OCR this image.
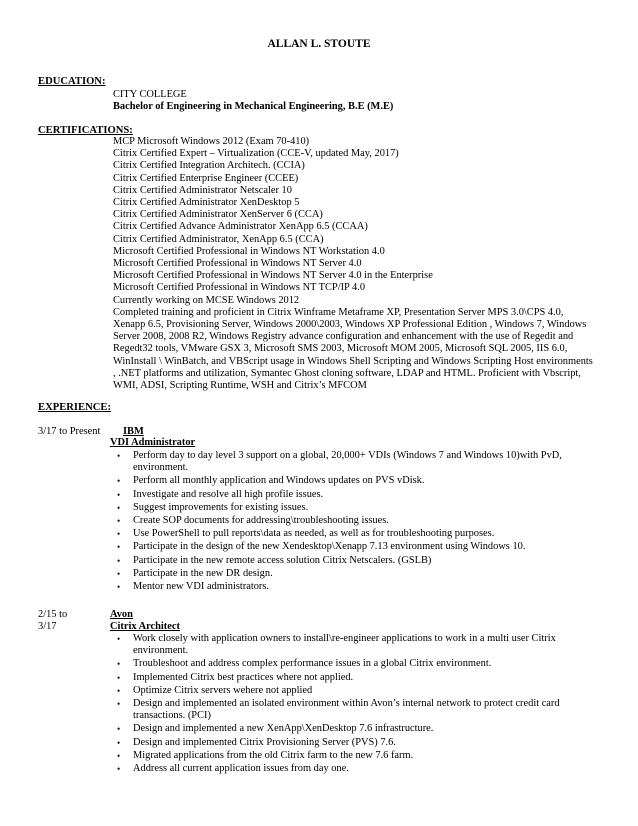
ALLAN L. STOUTE
EDUCATION:
CITY COLLEGE
Bachelor of Engineering in Mechanical Engineering, B.E (M.E)
CERTIFICATIONS:
MCP Microsoft Windows 2012 (Exam 70-410)
Citrix Certified Expert – Virtualization (CCE-V, updated May, 2017)
Citrix Certified Integration Architech. (CCIA)
Citrix Certified Enterprise Engineer (CCEE)
Citrix Certified Administrator Netscaler 10
Citrix Certified Administrator XenDesktop 5
Citrix Certified Administrator XenServer 6 (CCA)
Citrix Certified Advance Administrator XenApp 6.5 (CCAA)
Citrix Certified Administrator, XenApp 6.5 (CCA)
Microsoft Certified Professional in Windows NT Workstation 4.0
Microsoft Certified Professional in Windows NT Server 4.0
Microsoft Certified Professional in Windows NT Server 4.0 in the Enterprise
Microsoft Certified Professional in Windows NT TCP/IP 4.0
Currently working on MCSE Windows 2012
Completed training and proficient in Citrix Winframe Metaframe XP, Presentation Server MPS 3.0\CPS 4.0, Xenapp 6.5, Provisioning Server, Windows 2000\2003, Windows XP Professional Edition , Windows 7, Windows Server 2008, 2008 R2, Windows Registry advance configuration and enhancement with the use of Regedit and Regedt32 tools, VMware GSX 3, Microsoft SMS 2003, Microsoft MOM 2005, Microsoft SQL 2005, IIS 6.0, WinInstall \ WinBatch, and VBScript usage in Windows Shell Scripting and Windows Scripting Host environments , .NET platforms and utilization, Symantec Ghost cloning software, LDAP and HTML. Proficient with Vbscript, WMI, ADSI, Scripting Runtime, WSH and Citrix’s MFCOM
EXPERIENCE:
3/17 to Present IBM
VDI Administrator
• Perform day to day level 3 support on a global, 20,000+ VDIs (Windows 7 and Windows 10)with PvD, environment.
• Perform all monthly application and Windows updates on PVS vDisk.
• Investigate and resolve all high profile issues.
• Suggest improvements for existing issues.
• Create SOP documents for addressing\troubleshooting issues.
• Use PowerShell to pull reports\data as needed, as well as for troubleshooting purposes.
• Participate in the design of the new Xendesktop\Xenapp 7.13 environment using Windows 10.
• Participate in the new remote access solution Citrix Netscalers. (GSLB)
• Participate in the new DR design.
• Mentor new VDI administrators.
2/15 to
3/17
Avon
Citrix Architect
• Work closely with application owners to install\re-engineer applications to work in a multi user Citrix environment.
• Troubleshoot and address complex performance issues in a global Citrix environment.
• Implemented Citrix best practices where not applied.
• Optimize Citrix servers wehere not applied
• Design and implemented an isolated environment within Avon’s internal network to protect credit card transactions. (PCI)
• Design and implemented a new XenApp\XenDesktop 7.6 infrastructure.
• Design and implemented Citrix Provisioning Server (PVS) 7.6.
• Migrated applications from the old Citrix farm to the new 7.6 farm.
• Address all current application issues from day one.
